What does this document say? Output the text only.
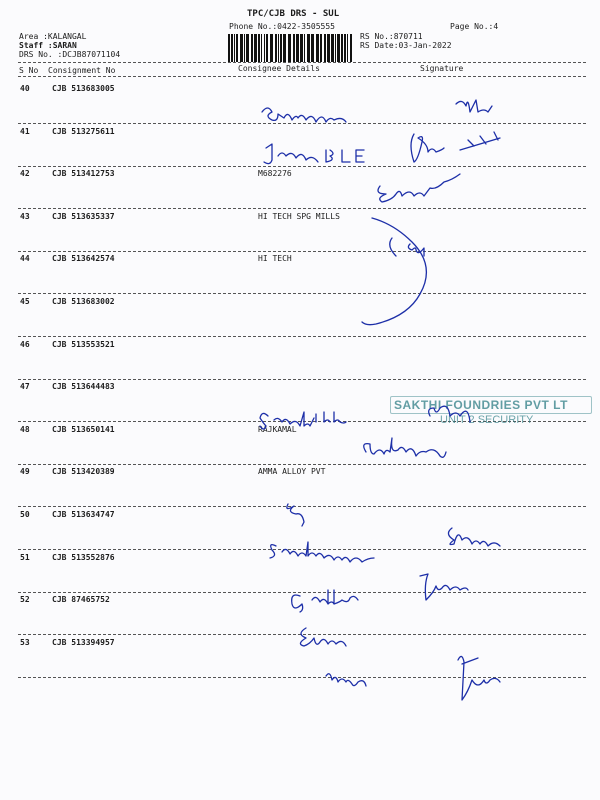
TPC/CJB DRS - SUL
Phone No.:0422-3505555	Page No.:4
Area :KALANGAL
Staff :SARAN
DRS No. :DCJB87071104
RS No.:870711
RS Date:03-Jan-2022
S No Consignment No	Consignee Details	Signature
40	CJB 513683005
41	CJB 513275611
42	CJB 513412753	M682276
43	CJB 513635337	HI TECH SPG MILLS
44	CJB 513642574	HI TECH
45	CJB 513683002
46	CJB 513553521
47	CJB 513644483
48	CJB 513650141	RAJKAMAL
49	CJB 513420389	AMMA ALLOY PVT
50	CJB 513634747
51	CJB 513552876
52	CJB 87465752
53	CJB 513394957
SAKTHI FOUNDRIES PVT LT
UNIT 2 SECURITY
